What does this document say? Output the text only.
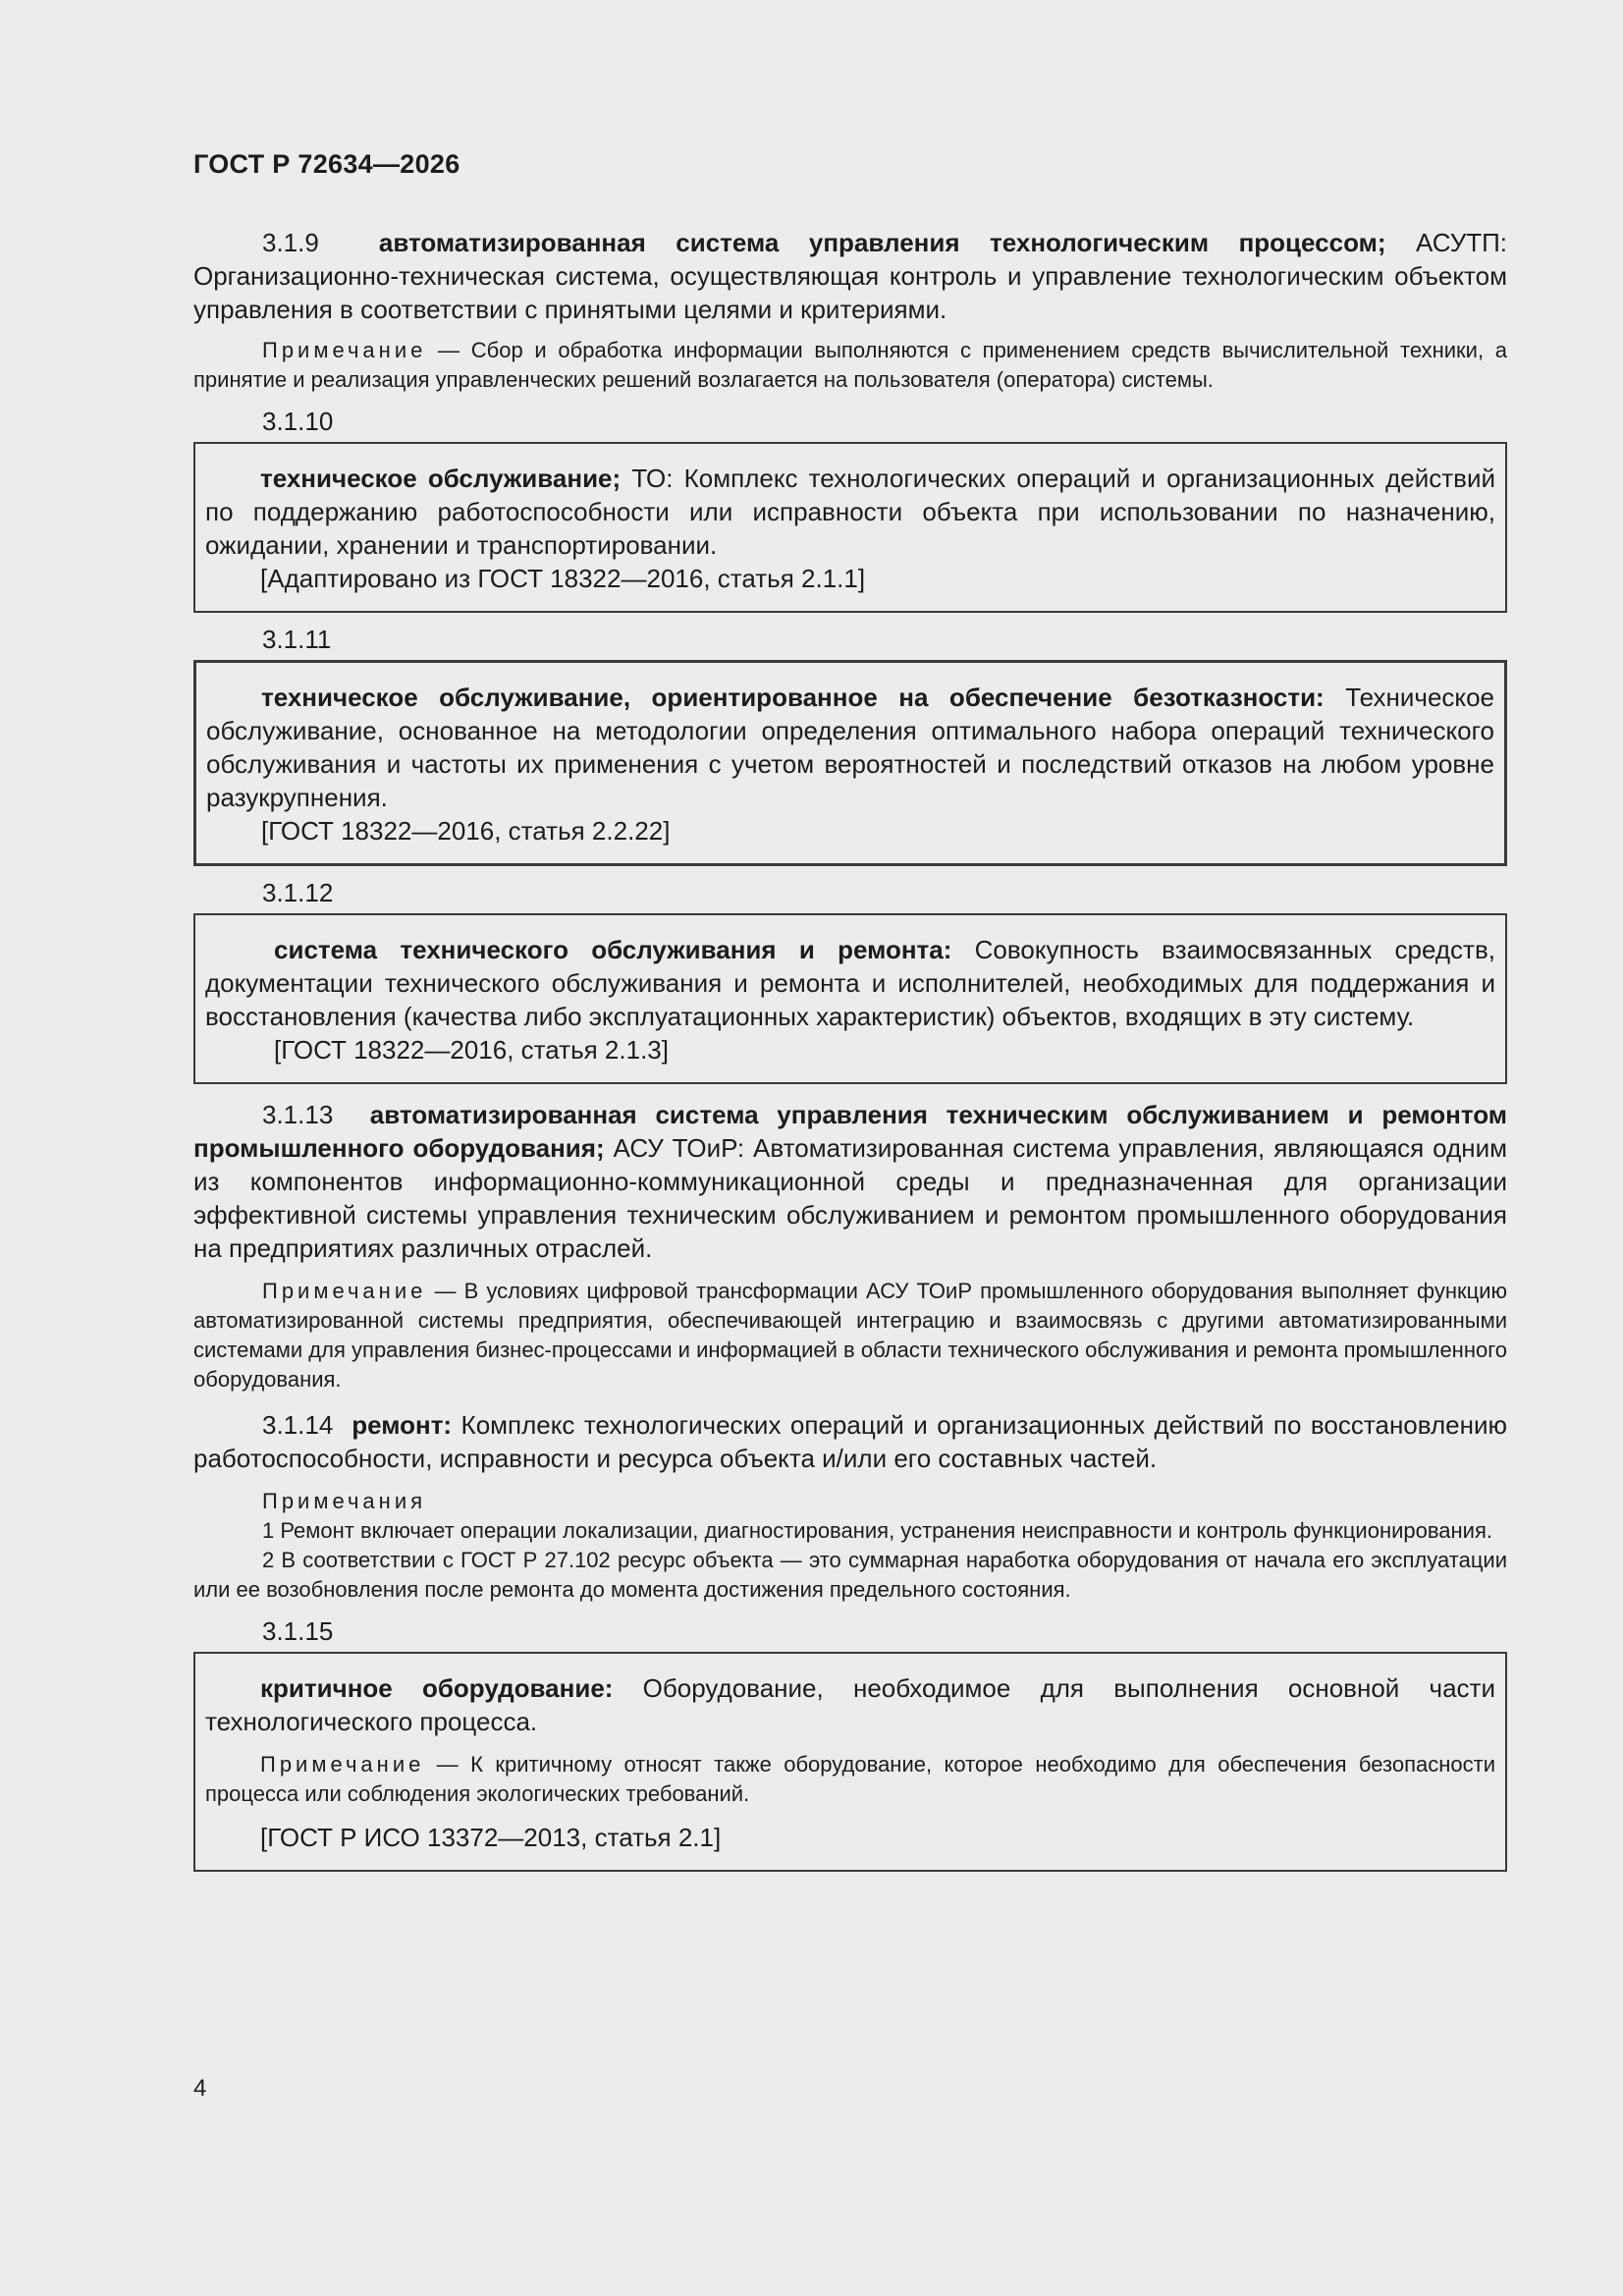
ГОСТ Р 72634—2026

3.1.9 автоматизированная система управления технологическим процессом; АСУТП: Организационно-техническая система, осуществляющая контроль и управление технологическим объектом управления в соответствии с принятыми целями и критериями.

Примечание — Сбор и обработка информации выполняются с применением средств вычислительной техники, а принятие и реализация управленческих решений возлагается на пользователя (оператора) системы.

3.1.10

техническое обслуживание; ТО: Комплекс технологических операций и организационных действий по поддержанию работоспособности или исправности объекта при использовании по назначению, ожидании, хранении и транспортировании.

[Адаптировано из ГОСТ 18322—2016, статья 2.1.1]
3.1.11

техническое обслуживание, ориентированное на обеспечение безотказности: Техническое обслуживание, основанное на методологии определения оптимального набора операций технического обслуживания и частоты их применения с учетом вероятностей и последствий отказов на любом уровне разукрупнения.

[ГОСТ 18322—2016, статья 2.2.22]
3.1.12

система технического обслуживания и ремонта: Совокупность взаимосвязанных средств, документации технического обслуживания и ремонта и исполнителей, необходимых для поддержания и восстановления (качества либо эксплуатационных характеристик) объектов, входящих в эту систему.

[ГОСТ 18322—2016, статья 2.1.3]

3.1.13 автоматизированная система управления техническим обслуживанием и ремонтом промышленного оборудования; АСУ ТОиР: Автоматизированная система управления, являющаяся одним из компонентов информационно-коммуникационной среды и предназначенная для организации эффективной системы управления техническим обслуживанием и ремонтом промышленного оборудования на предприятиях различных отраслей.

Примечание — В условиях цифровой трансформации АСУ ТОиР промышленного оборудования выполняет функцию автоматизированной системы предприятия, обеспечивающей интеграцию и взаимосвязь с другими автоматизированными системами для управления бизнес-процессами и информацией в области технического обслуживания и ремонта промышленного оборудования.

3.1.14 ремонт: Комплекс технологических операций и организационных действий по восстановлению работоспособности, исправности и ресурса объекта и/или его составных частей.

Примечания

1 Ремонт включает операции локализации, диагностирования, устранения неисправности и контроль функционирования.

2 В соответствии с ГОСТ Р 27.102 ресурс объекта — это суммарная наработка оборудования от начала его эксплуатации или ее возобновления после ремонта до момента достижения предельного состояния.

3.1.15

критичное оборудование: Оборудование, необходимое для выполнения основной части технологического процесса.

Примечание — К критичному относят также оборудование, которое необходимо для обеспечения безопасности процесса или соблюдения экологических требований.

[ГОСТ Р ИСО 13372—2013, статья 2.1]
4
